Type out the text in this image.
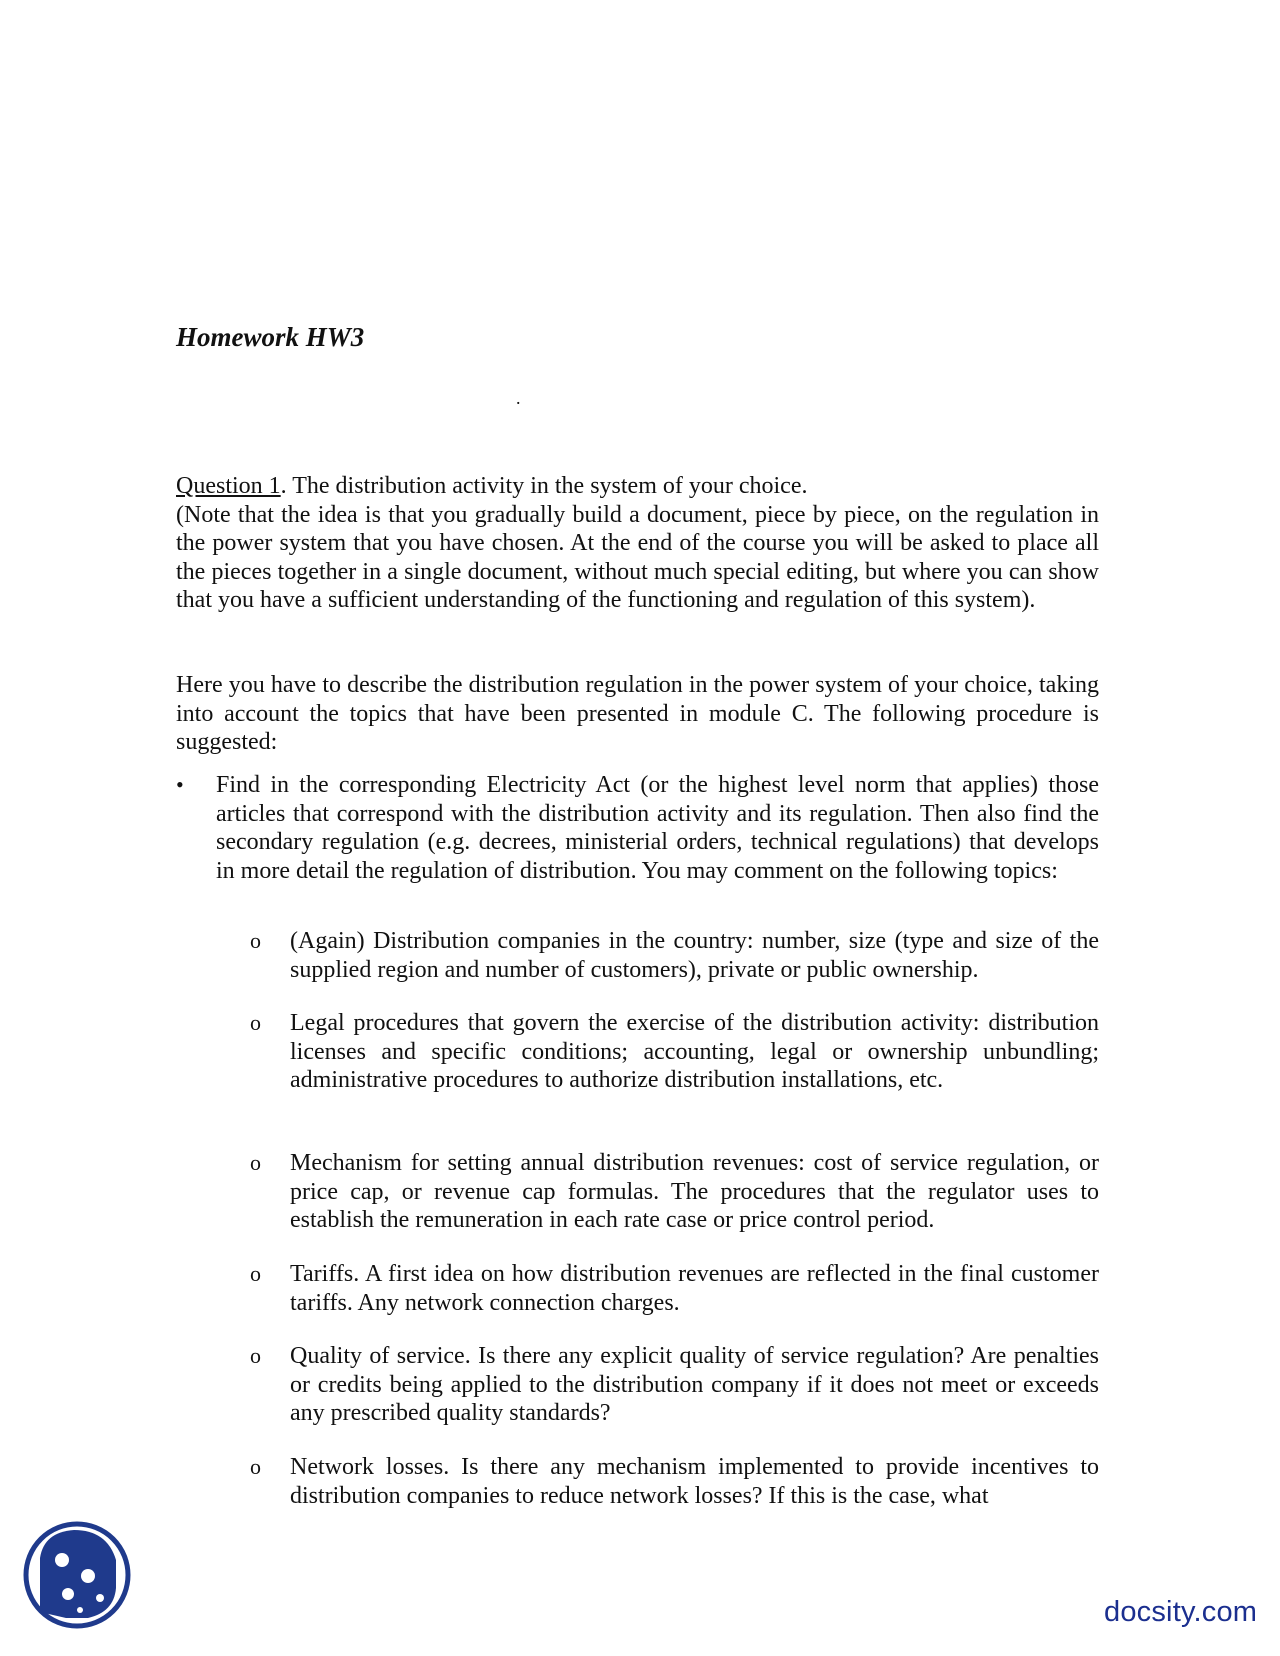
Homework HW3
.

Question 1. The distribution activity in the system of your choice.

(Note that the idea is that you gradually build a document, piece by piece, on the regulation in the power system that you have chosen. At the end of the course you will be asked to place all the pieces together in a single document, without much special editing, but where you can show that you have a sufficient understanding of the functioning and regulation of this system).

Here you have to describe the distribution regulation in the power system of your choice, taking into account the topics that have been presented in module C. The following procedure is suggested:

•	Find in the corresponding Electricity Act (or the highest level norm that applies) those articles that correspond with the distribution activity and its regulation. Then also find the secondary regulation (e.g. decrees, ministerial orders, technical regulations) that develops in more detail the regulation of distribution. You may comment on the following topics:

o	(Again) Distribution companies in the country: number, size (type and size of the supplied region and number of customers), private or public ownership.

o	Legal procedures that govern the exercise of the distribution activity: distribution licenses and specific conditions; accounting, legal or ownership unbundling; administrative procedures to authorize distribution installations, etc.

o	Mechanism for setting annual distribution revenues: cost of service regulation, or price cap, or revenue cap formulas. The procedures that the regulator uses to establish the remuneration in each rate case or price control period.

o	Tariffs. A first idea on how distribution revenues are reflected in the final customer tariffs. Any network connection charges.

o	Quality of service. Is there any explicit quality of service regulation? Are penalties or credits being applied to the distribution company if it does not meet or exceeds any prescribed quality standards?

o	Network losses. Is there any mechanism implemented to provide incentives to distribution companies to reduce network losses? If this is the case, what

docsity.com
